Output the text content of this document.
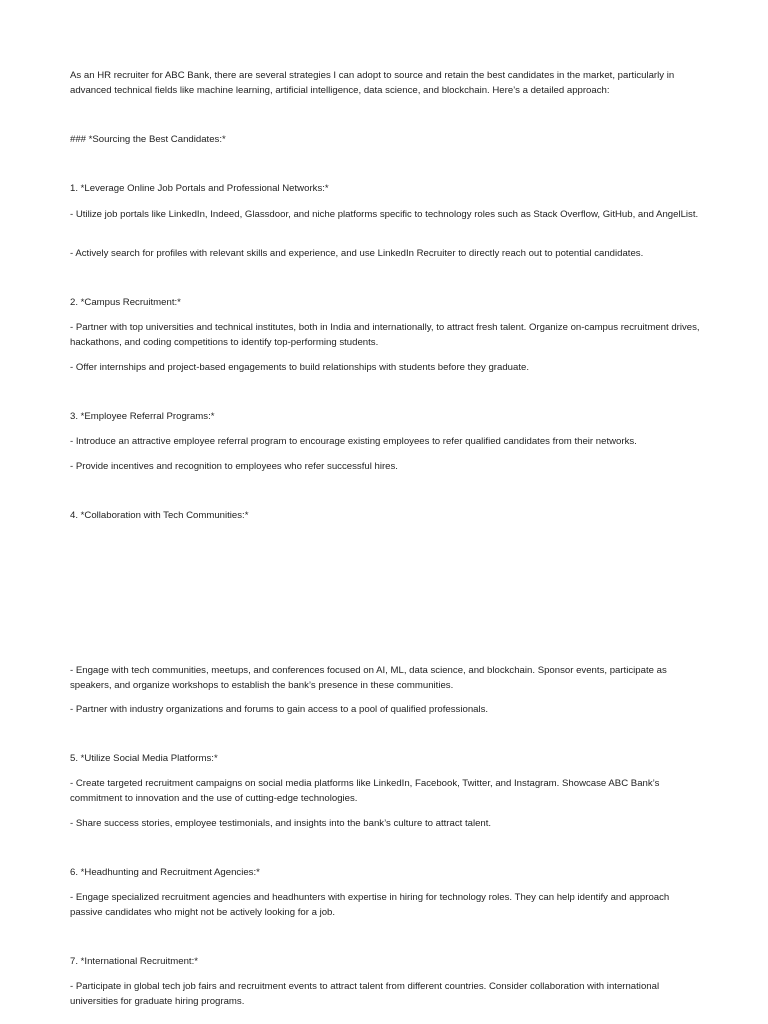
As an HR recruiter for ABC Bank, there are several strategies I can adopt to source and retain the best candidates in the market, particularly in advanced technical fields like machine learning, artificial intelligence, data science, and blockchain. Here’s a detailed approach:

### *Sourcing the Best Candidates:*

1. *Leverage Online Job Portals and Professional Networks:*

- Utilize job portals like LinkedIn, Indeed, Glassdoor, and niche platforms specific to technology roles such as Stack Overflow, GitHub, and AngelList.

- Actively search for profiles with relevant skills and experience, and use LinkedIn Recruiter to directly reach out to potential candidates.

2. *Campus Recruitment:*

- Partner with top universities and technical institutes, both in India and internationally, to attract fresh talent. Organize on-campus recruitment drives, hackathons, and coding competitions to identify top-performing students.

- Offer internships and project-based engagements to build relationships with students before they graduate.

3. *Employee Referral Programs:*

- Introduce an attractive employee referral program to encourage existing employees to refer qualified candidates from their networks.

- Provide incentives and recognition to employees who refer successful hires.

4. *Collaboration with Tech Communities:*

- Engage with tech communities, meetups, and conferences focused on AI, ML, data science, and blockchain. Sponsor events, participate as speakers, and organize workshops to establish the bank’s presence in these communities.

- Partner with industry organizations and forums to gain access to a pool of qualified professionals.

5. *Utilize Social Media Platforms:*

- Create targeted recruitment campaigns on social media platforms like LinkedIn, Facebook, Twitter, and Instagram. Showcase ABC Bank’s commitment to innovation and the use of cutting-edge technologies.

- Share success stories, employee testimonials, and insights into the bank’s culture to attract talent.

6. *Headhunting and Recruitment Agencies:*

- Engage specialized recruitment agencies and headhunters with expertise in hiring for technology roles. They can help identify and approach passive candidates who might not be actively looking for a job.

7. *International Recruitment:*

- Participate in global tech job fairs and recruitment events to attract talent from different countries. Consider collaboration with international universities for graduate hiring programs.
